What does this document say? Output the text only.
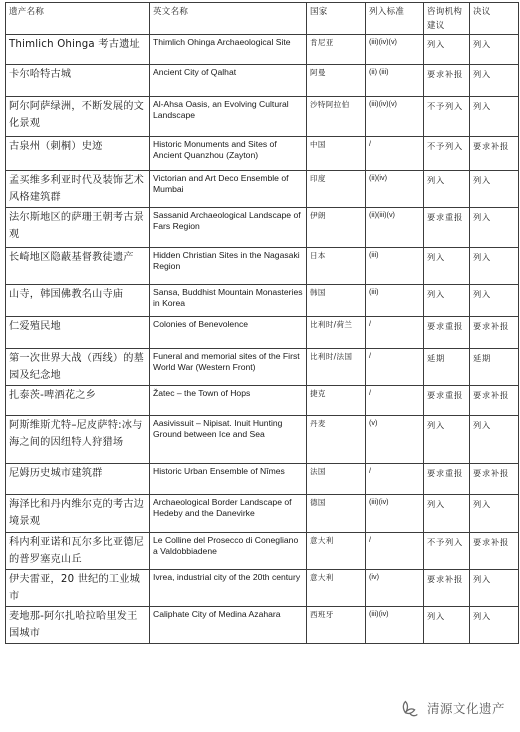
遗产名称	英文名称	国家	列入标准	咨询机构建议	决议
Thimlich Ohinga 考古遗址	Thimlich Ohinga Archaeological Site	肯尼亚	(iii)(iv)(v)	列入	列入
卡尔哈特古城	Ancient City of Qalhat	阿曼	(ii) (iii)	要求补报	列入
阿尔阿萨绿洲，不断发展的文化景观	Al-Ahsa Oasis, an Evolving Cultural Landscape	沙特阿拉伯	(iii)(iv)(v)	不予列入	列入
古泉州（刺桐）史迹	Historic Monuments and Sites of Ancient Quanzhou (Zayton)	中国	/	不予列入	要求补报
孟买维多利亚时代及装饰艺术风格建筑群	Victorian and Art Deco Ensemble of Mumbai	印度	(ii)(iv)	列入	列入
法尔斯地区的萨珊王朝考古景观	Sassanid Archaeological Landscape of Fars Region	伊朗	(ii)(iii)(v)	要求重报	列入
长崎地区隐蔽基督教徒遗产	Hidden Christian Sites in the Nagasaki Region	日本	(iii)	列入	列入
山寺，韩国佛教名山寺庙	Sansa, Buddhist Mountain Monasteries in Korea	韩国	(iii)	列入	列入
仁爱殖民地	Colonies of Benevolence	比利时/荷兰	/	要求重报	要求补报
第一次世界大战（西线）的墓园及纪念地	Funeral and memorial sites of the First World War (Western Front)	比利时/法国	/	延期	延期
扎泰茨-啤酒花之乡	Žatec – the Town of Hops	捷克	/	要求重报	要求补报
阿斯维斯尤特–尼皮萨特:冰与海之间的因纽特人狩猎场	Aasivissuit – Nipisat. Inuit Hunting Ground between Ice and Sea	丹麦	(v)	列入	列入
尼姆历史城市建筑群	Historic Urban Ensemble of Nîmes	法国	/	要求重报	要求补报
海泽比和丹内维尔克的考古边境景观	Archaeological Border Landscape of Hedeby and the Danevirke	德国	(iii)(iv)	列入	列入
科内利亚诺和瓦尔多比亚德尼的普罗塞克山丘	Le Colline del Prosecco di Conegliano a Valdobbiadene	意大利	/	不予列入	要求补报
伊夫雷亚，20 世纪的工业城市	Ivrea, industrial city of the 20th century	意大利	(iv)	要求补报	列入
麦地那-阿尔扎哈拉哈里发王国城市	Caliphate City of Medina Azahara	西班牙	(iii)(iv)	列入	列入
清源文化遗产
